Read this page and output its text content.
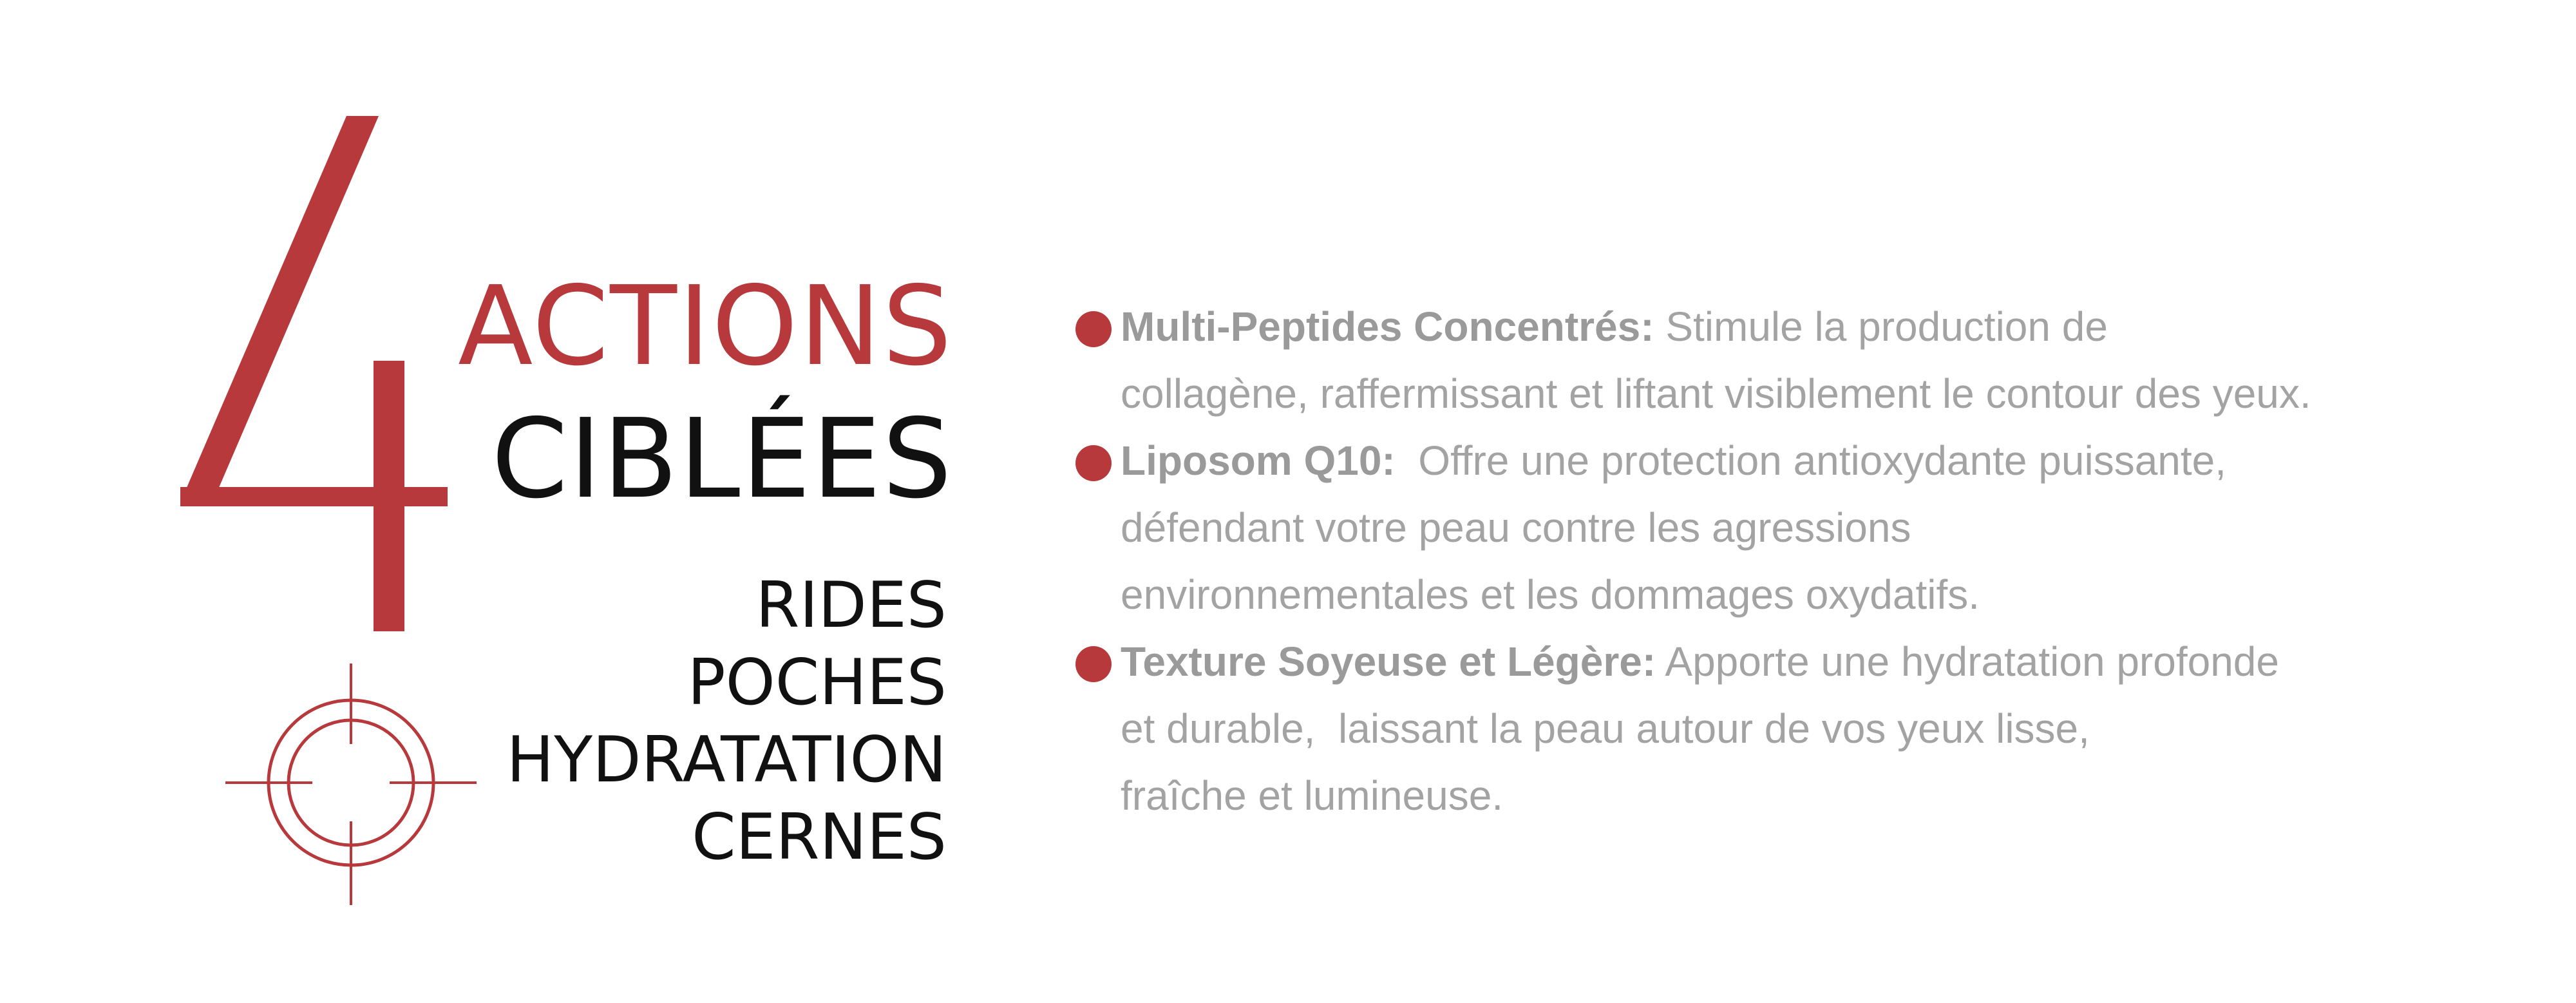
ACTIONS
CIBLÉES
RIDES
POCHES
HYDRATATION
CERNES
Multi-Peptides Concentrés: Stimule la production de
collagène, raffermissant et liftant visiblement le contour des yeux.
Liposom Q10:  Offre une protection antioxydante puissante,
défendant votre peau contre les agressions
environnementales et les dommages oxydatifs.
Texture Soyeuse et Légère: Apporte une hydratation profonde
et durable,  laissant la peau autour de vos yeux lisse,
fraîche et lumineuse.
